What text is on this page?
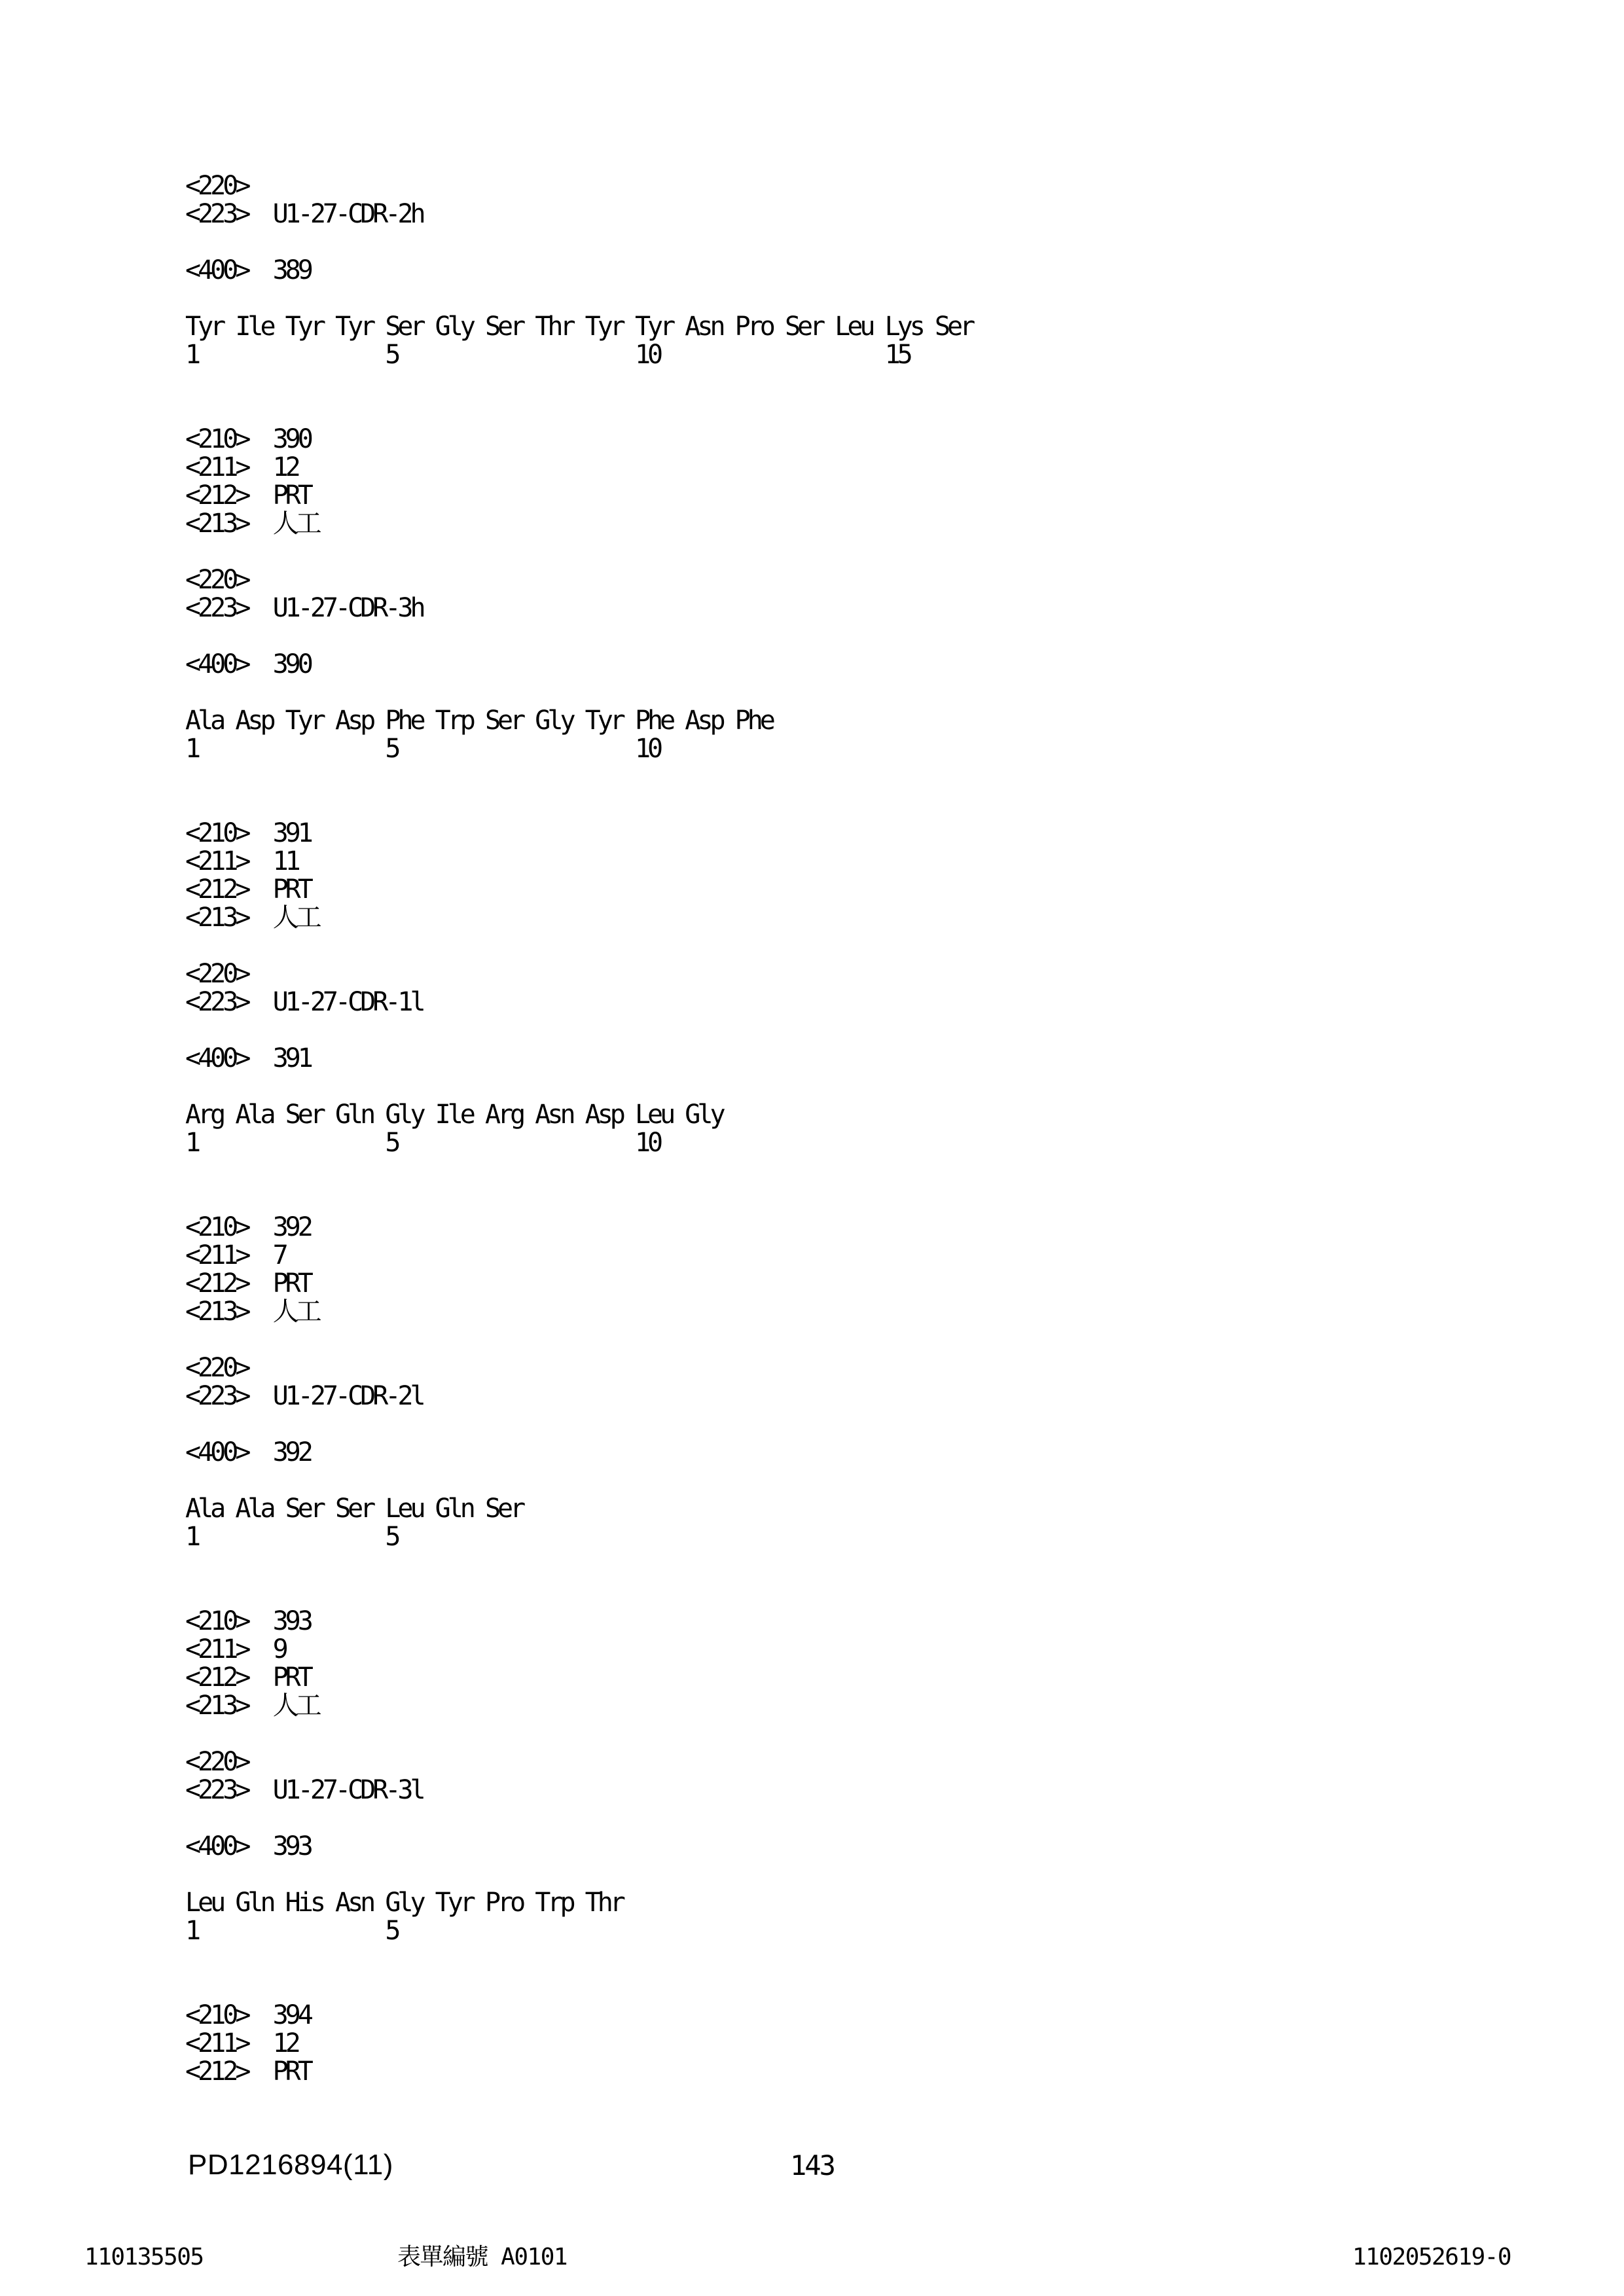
<220>
<223>  U1-27-CDR-2h
<400>  389
Tyr Ile Tyr Tyr Ser Gly Ser Thr Tyr Tyr Asn Pro Ser Leu Lys Ser
1               5                   10                  15
<210>  390
<211>  12
<212>  PRT
<213>  人工
<220>
<223>  U1-27-CDR-3h
<400>  390
Ala Asp Tyr Asp Phe Trp Ser Gly Tyr Phe Asp Phe
1               5                   10
<210>  391
<211>  11
<212>  PRT
<213>  人工
<220>
<223>  U1-27-CDR-1l
<400>  391
Arg Ala Ser Gln Gly Ile Arg Asn Asp Leu Gly
1               5                   10
<210>  392
<211>  7
<212>  PRT
<213>  人工
<220>
<223>  U1-27-CDR-2l
<400>  392
Ala Ala Ser Ser Leu Gln Ser
1               5
<210>  393
<211>  9
<212>  PRT
<213>  人工
<220>
<223>  U1-27-CDR-3l
<400>  393
Leu Gln His Asn Gly Tyr Pro Trp Thr
1               5
<210>  394
<211>  12
<212>  PRT
PD1216894(11)	143
110135505	表單編號 A0101	1102052619-0
